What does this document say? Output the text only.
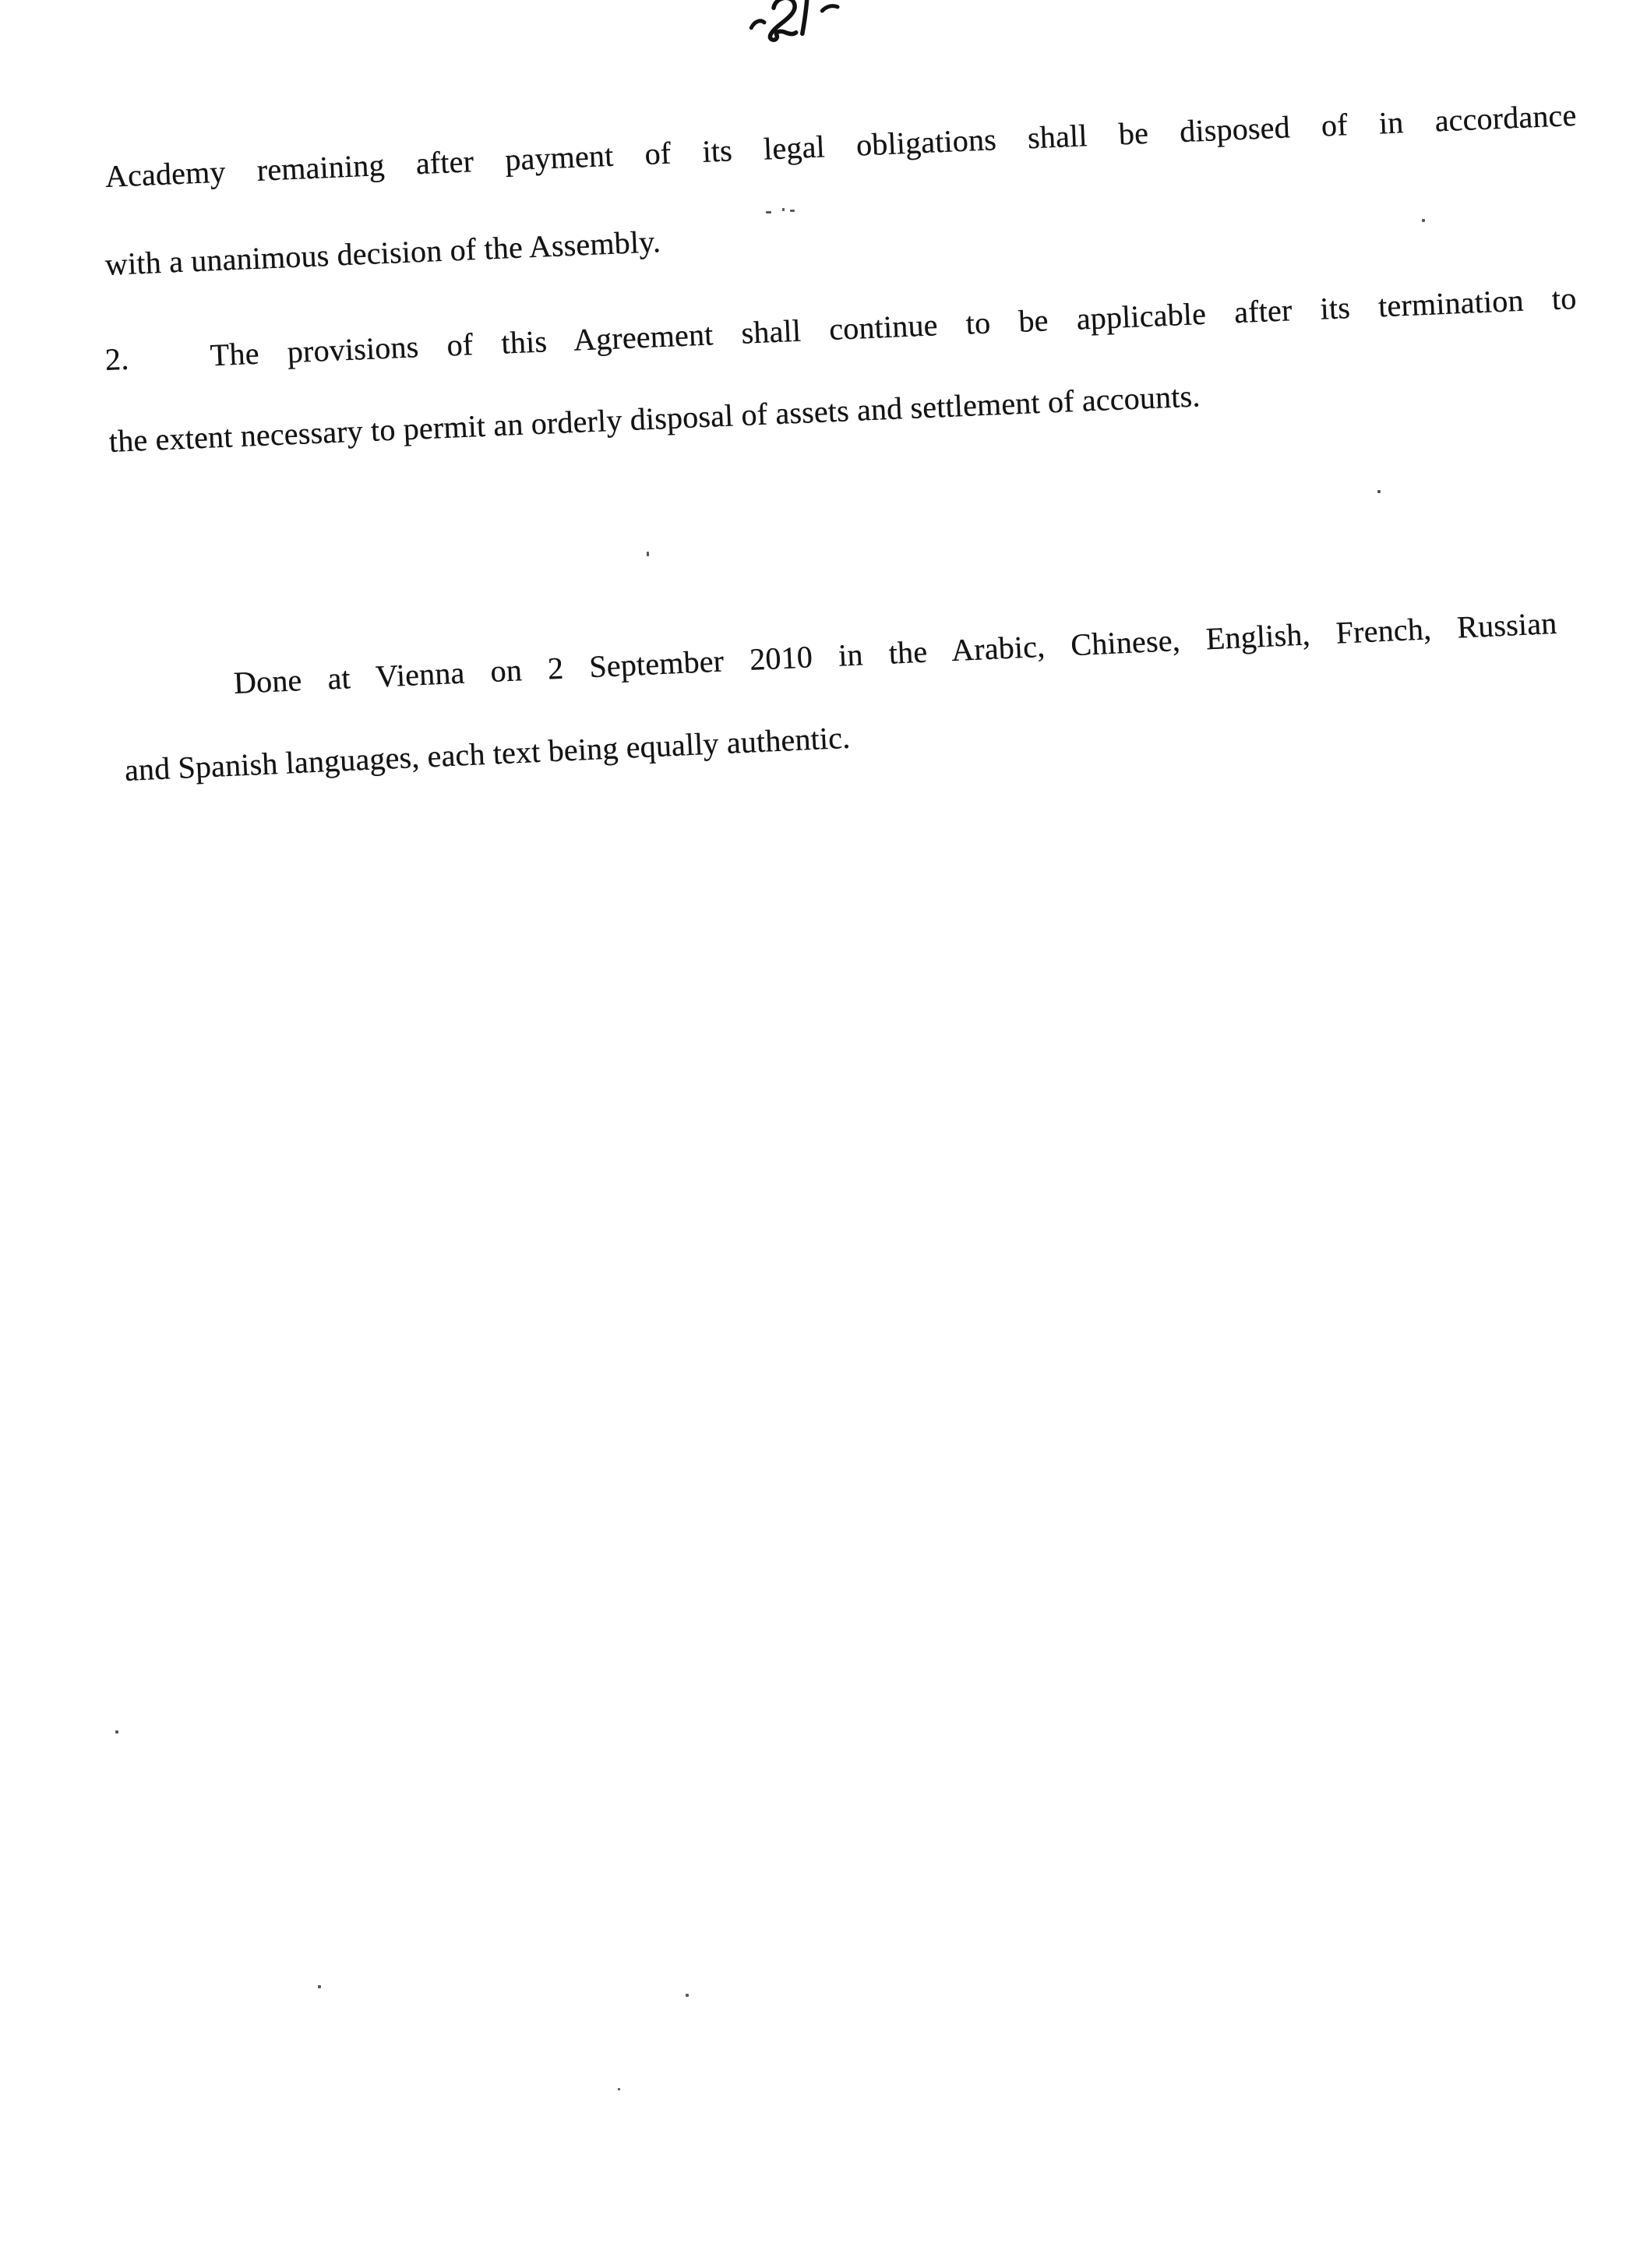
Academy remaining after payment of its legal obligations shall be disposed of in accordance
with a unanimous decision of the Assembly.
2.	The provisions of this Agreement shall continue to be applicable after its termination to
the extent necessary to permit an orderly disposal of assets and settlement of accounts.
Done at Vienna on 2 September 2010 in the Arabic, Chinese, English, French, Russian
and Spanish languages, each text being equally authentic.
